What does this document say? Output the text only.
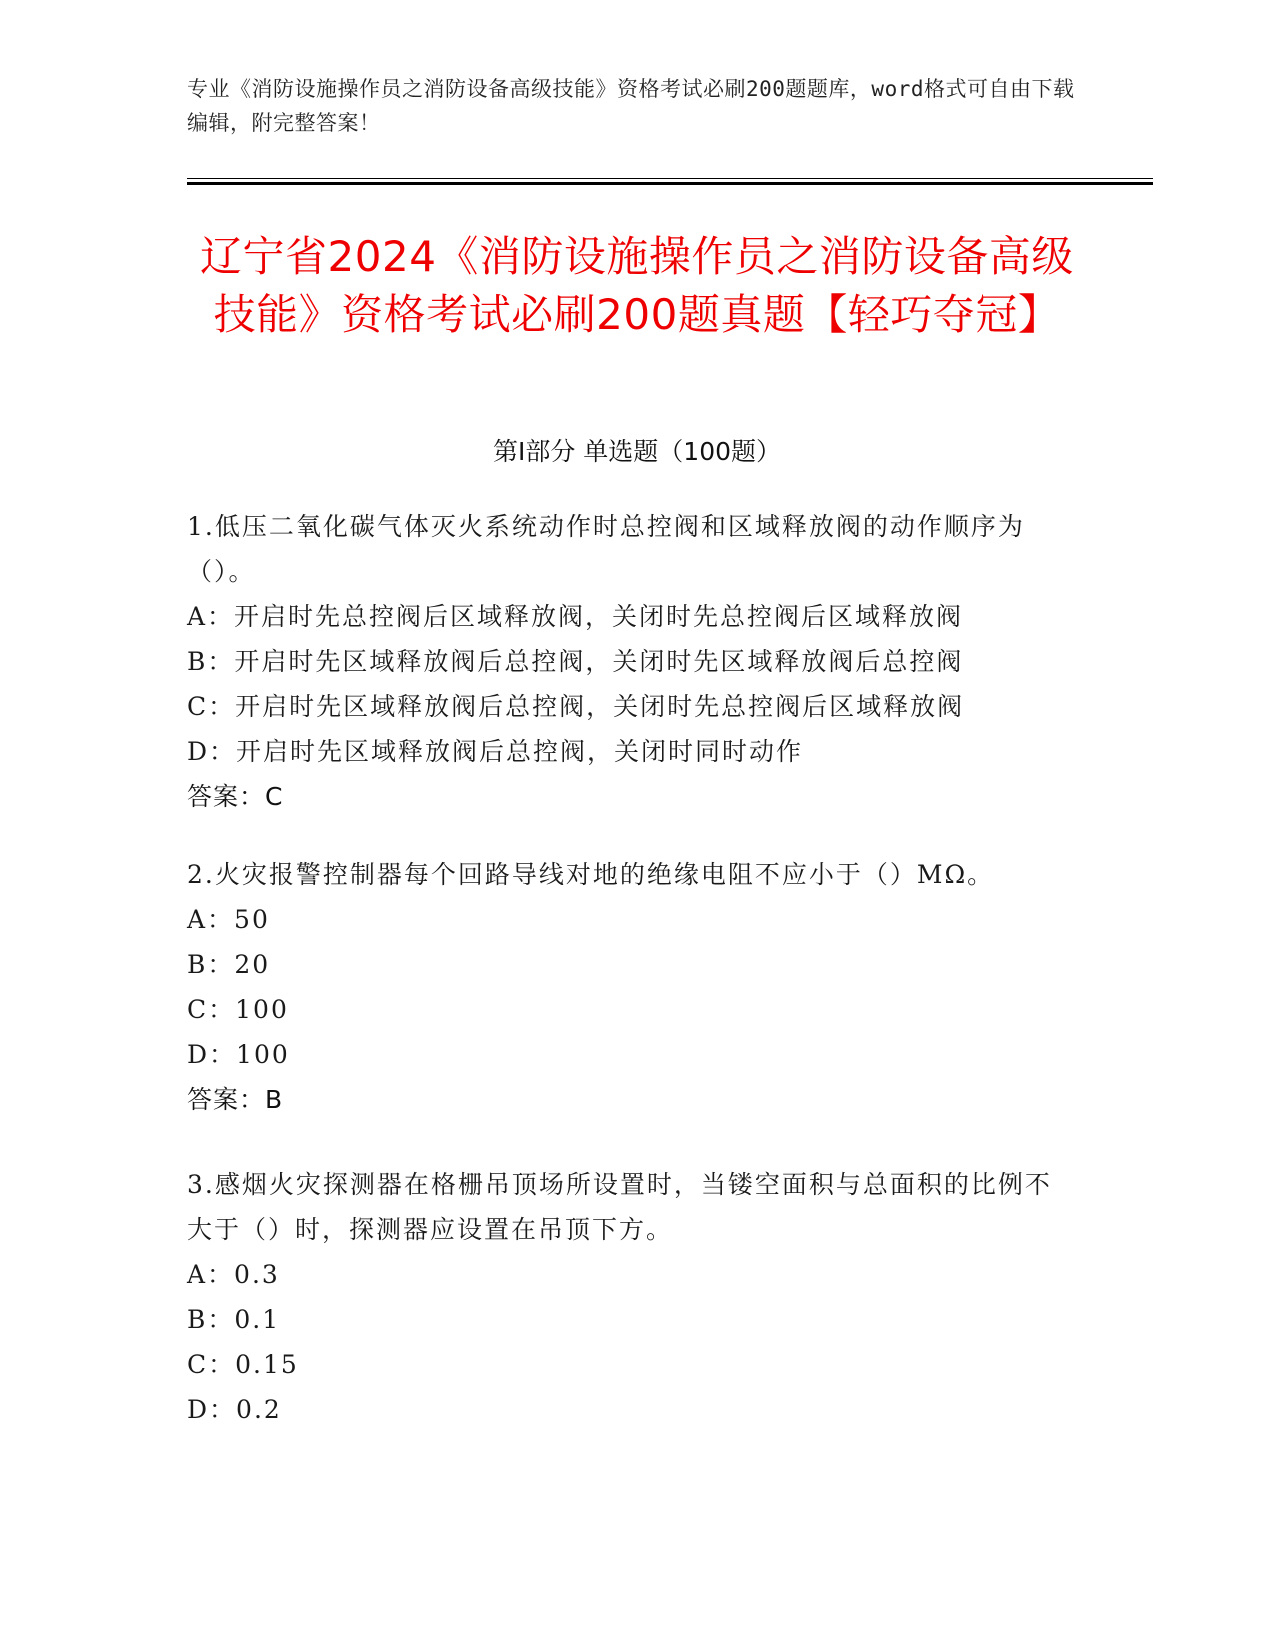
专业《消防设施操作员之消防设备高级技能》资格考试必刷200题题库，word格式可自由下载编辑，附完整答案！
辽宁省2024《消防设施操作员之消防设备高级技能》资格考试必刷200题真题【轻巧夺冠】
第I部分 单选题（100题）

1.低压二氧化碳气体灭火系统动作时总控阀和区域释放阀的动作顺序为（）。

A：开启时先总控阀后区域释放阀，关闭时先总控阀后区域释放阀

B：开启时先区域释放阀后总控阀，关闭时先区域释放阀后总控阀

C：开启时先区域释放阀后总控阀，关闭时先总控阀后区域释放阀

D：开启时先区域释放阀后总控阀，关闭时同时动作

答案：C

2.火灾报警控制器每个回路导线对地的绝缘电阻不应小于（）MΩ。

A：50

B：20

C：100

D：100

答案：B

3.感烟火灾探测器在格栅吊顶场所设置时，当镂空面积与总面积的比例不大于（）时，探测器应设置在吊顶下方。

A：0.3

B：0.1

C：0.15

D：0.2
